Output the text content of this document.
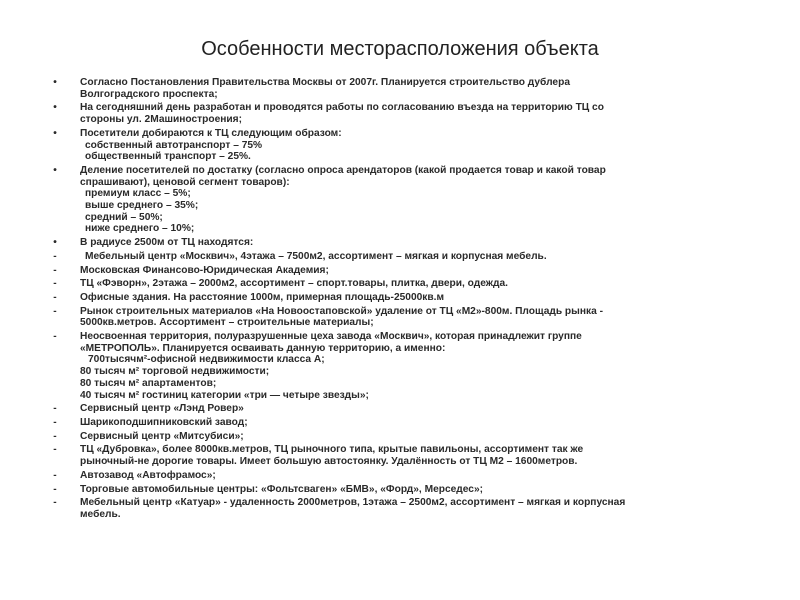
Особенности месторасположения объекта
•	Согласно Постановления Правительства Москвы от 2007г. Планируется строительство дублера
Волгоградского проспекта;
•	На сегодняшний день разработан и проводятся работы по согласованию въезда на территорию ТЦ со
стороны ул. 2Машиностроения;
•	Посетители добираются к ТЦ следующим образом:
собственный автотранспорт – 75%
общественный транспорт – 25%.
•	Деление посетителей по достатку (согласно опроса арендаторов (какой продается товар и какой товар
спрашивают), ценовой сегмент товаров):
премиум класс – 5%;
выше среднего – 35%;
средний – 50%;
ниже среднего – 10%;
•	В радиусе 2500м от ТЦ находятся:
-	Мебельный центр «Москвич», 4этажа – 7500м2, ассортимент – мягкая и корпусная мебель.
-	Московская Финансово-Юридическая Академия;
-	ТЦ «Фэворн», 2этажа – 2000м2, ассортимент – спорт.товары, плитка, двери, одежда.
-	Офисные здания. На расстояние 1000м, примерная площадь-25000кв.м
-	Рынок строительных материалов «На Новоостаповской» удаление от ТЦ «М2»-800м. Площадь рынка -
5000кв.метров. Ассортимент – строительные материалы;
-	Неосвоенная территория, полуразрушенные цеха завода «Москвич», которая принадлежит группе
«МЕТРОПОЛЬ». Планируется осваивать данную территорию, а именно:
700тысячм²-офисной недвижимости класса А;
80 тысяч м² торговой недвижимости;
80 тысяч м² апартаментов;
40 тысяч м² гостиниц категории «три — четыре звезды»;
-	Сервисный центр «Лэнд Ровер»
-	Шарикоподшипниковский завод;
-	Сервисный центр «Митсубиси»;
-	ТЦ «Дубровка», более 8000кв.метров, ТЦ рыночного типа, крытые павильоны, ассортимент так же
рыночный-не дорогие товары. Имеет большую автостоянку. Удалённость от ТЦ М2 – 1600метров.
-	Автозавод «Автофрамос»;
-	Торговые автомобильные центры: «Фольтсваген» «БМВ», «Форд», Мерседес»;
-	Мебельный центр «Катуар» - удаленность 2000метров, 1этажа – 2500м2, ассортимент – мягкая и корпусная
мебель.
